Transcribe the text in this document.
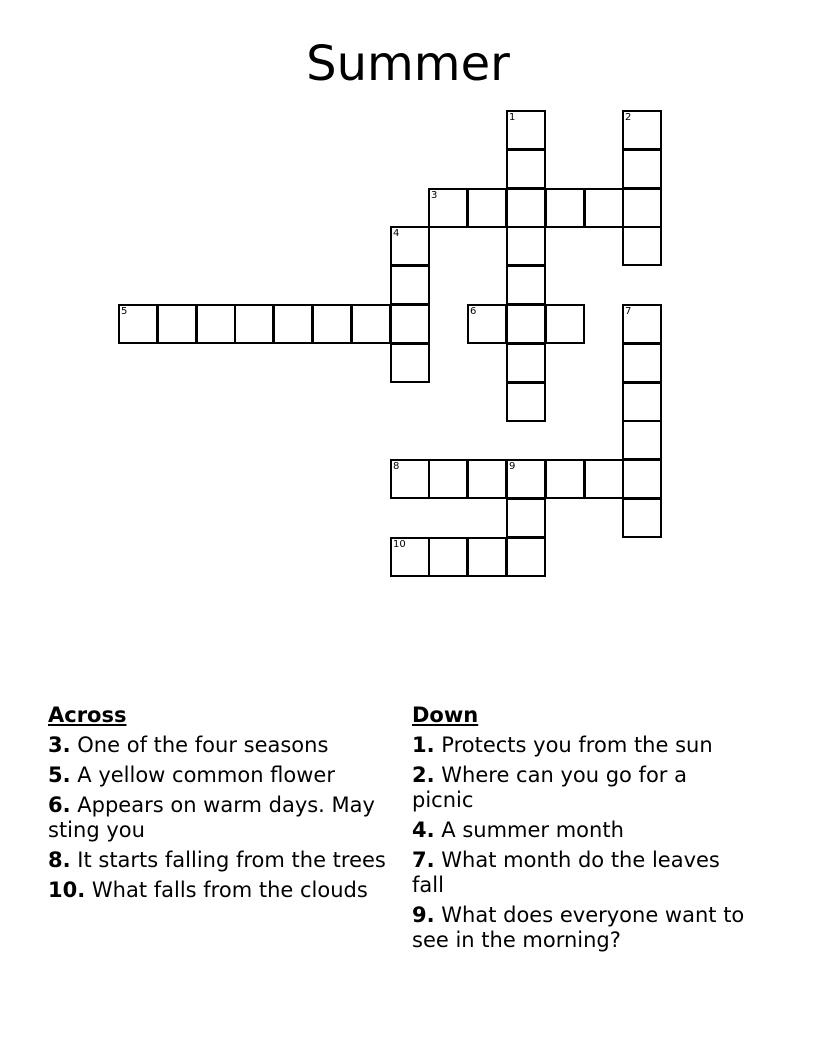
Summer
1	2
3
4
5	6	7
8	9
10
Across
3. One of the four seasons
5. A yellow common flower
6. Appears on warm days. May sting you
8. It starts falling from the trees
10. What falls from the clouds
Down
1. Protects you from the sun
2. Where can you go for a picnic
4. A summer month
7. What month do the leaves fall
9. What does everyone want to see in the morning?
